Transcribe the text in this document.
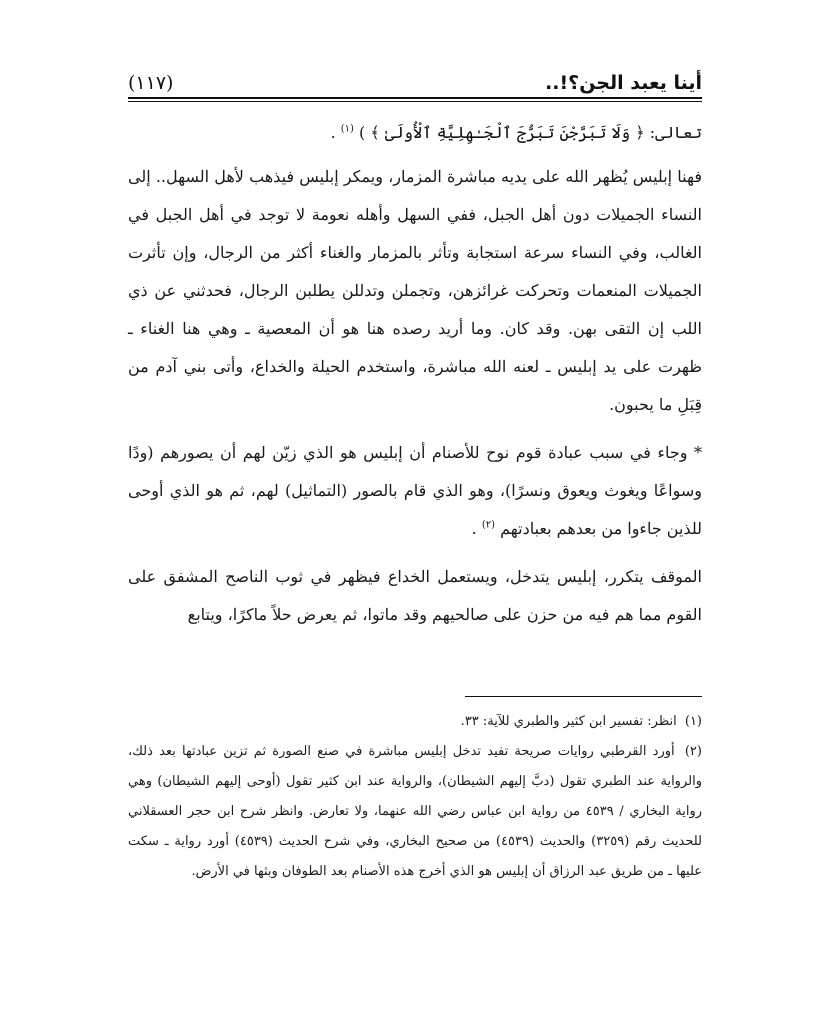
أينا يعبد الجن؟!..
(١١٧)

تعالى: ﴿ وَلَا تَبَرَّجْنَ تَبَرُّجَ ٱلْجَـٰهِلِيَّةِ ٱلْأُولَىٰ ﴾ ) $^{(١)}$ .

فهنا إبليس يُظهر الله على يديه مباشرة المزمار، ويمكر إبليس فيذهب لأهل السهل.. إلى النساء الجميلات دون أهل الجبل، ففي السهل وأهله نعومة لا توجد في أهل الجبل في الغالب، وفي النساء سرعة استجابة وتأثر بالمزمار والغناء أكثر من الرجال، وإن تأثرت الجميلات المنعمات وتحركت غرائزهن، وتجملن وتدللن يطلبن الرجال، فحدثني عن ذي اللب إن التقى بهن. وقد كان. وما أريد رصده هنا هو أن المعصية ـ وهي هنا الغناء ـ ظهرت على يد إبليس ـ لعنه الله مباشرة، واستخدم الحيلة والخداع، وأتى بني آدم من قِبَلِ ما يحبون.

* وجاء في سبب عبادة قوم نوح للأصنام أن إبليس هو الذي زيّن لهم أن يصورهم (ودًا وسواعًا ويغوث ويعوق ونسرًا)، وهو الذي قام بالصور (التماثيل) لهم، ثم هو الذي أوحى للذين جاءوا من بعدهم بعبادتهم $^{(٢)}$ .

الموقف يتكرر، إبليس يتدخل، ويستعمل الخداع فيظهر في ثوب الناصح المشفق على القوم مما هم فيه من حزن على صالحيهم وقد ماتوا، ثم يعرض حلاً ماكرًا، ويتابع

(١) انظر: تفسير ابن كثير والطبري للآية: ٣٣.

(٢) أورد القرطبي روايات صريحة تفيد تدخل إبليس مباشرة في صنع الصورة ثم تزين عبادتها بعد ذلك، والرواية عند الطبري تقول (دبَّ إليهم الشيطان)، والرواية عند ابن كثير تقول (أوحى إليهم الشيطان) وهي رواية البخاري / ٤٥٣٩ من رواية ابن عباس رضي الله عنهما، ولا تعارض. وانظر شرح ابن حجر العسقلاني للحديث رقم (٣٢٥٩) والحديث (٤٥٣٩) من صحيح البخاري، وفي شرح الحديث (٤٥٣٩) أورد رواية ـ سكت عليها ـ من طريق عبد الرزاق أن إبليس هو الذي أخرج هذه الأصنام بعد الطوفان وبثها في الأرض.
